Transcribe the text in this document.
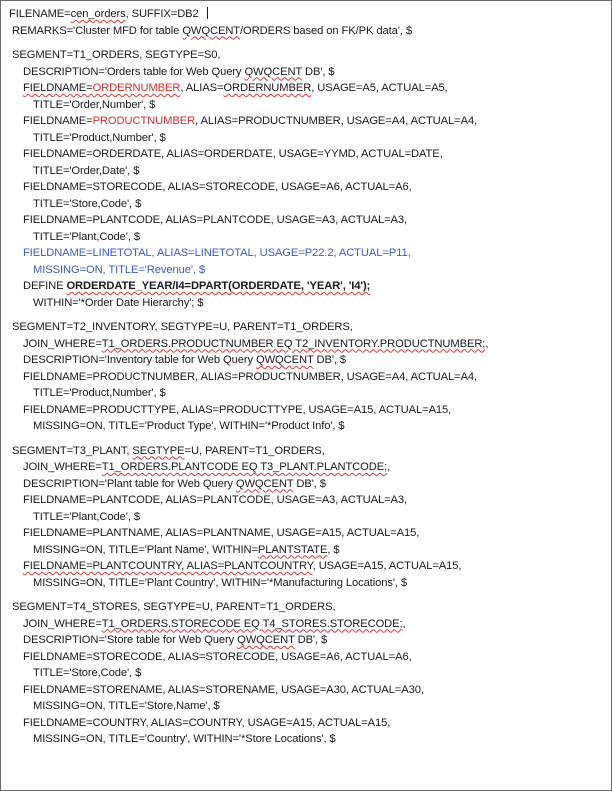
FILENAME=cen_orders, SUFFIX=DB2
REMARKS='Cluster MFD for table QWQCENT/ORDERS based on FK/PK data', $
SEGMENT=T1_ORDERS, SEGTYPE=S0,
DESCRIPTION='Orders table for Web Query QWQCENT DB', $
FIELDNAME=ORDERNUMBER, ALIAS=ORDERNUMBER, USAGE=A5, ACTUAL=A5,
TITLE='Order,Number', $
FIELDNAME=PRODUCTNUMBER, ALIAS=PRODUCTNUMBER, USAGE=A4, ACTUAL=A4,
TITLE='Product,Number', $
FIELDNAME=ORDERDATE, ALIAS=ORDERDATE, USAGE=YYMD, ACTUAL=DATE,
TITLE='Order,Date', $
FIELDNAME=STORECODE, ALIAS=STORECODE, USAGE=A6, ACTUAL=A6,
TITLE='Store,Code', $
FIELDNAME=PLANTCODE, ALIAS=PLANTCODE, USAGE=A3, ACTUAL=A3,
TITLE='Plant,Code', $
FIELDNAME=LINETOTAL, ALIAS=LINETOTAL, USAGE=P22.2, ACTUAL=P11,
MISSING=ON, TITLE='Revenue', $
DEFINE ORDERDATE_YEAR/I4=DPART(ORDERDATE, 'YEAR', 'I4');
WITHIN='*Order Date Hierarchy'; $
SEGMENT=T2_INVENTORY, SEGTYPE=U, PARENT=T1_ORDERS,
JOIN_WHERE=T1_ORDERS.PRODUCTNUMBER EQ T2_INVENTORY.PRODUCTNUMBER;,
DESCRIPTION='Inventory table for Web Query QWQCENT DB', $
FIELDNAME=PRODUCTNUMBER, ALIAS=PRODUCTNUMBER, USAGE=A4, ACTUAL=A4,
TITLE='Product,Number', $
FIELDNAME=PRODUCTTYPE, ALIAS=PRODUCTTYPE, USAGE=A15, ACTUAL=A15,
MISSING=ON, TITLE='Product Type', WITHIN='*Product Info', $
SEGMENT=T3_PLANT, SEGTYPE=U, PARENT=T1_ORDERS,
JOIN_WHERE=T1_ORDERS.PLANTCODE EQ T3_PLANT.PLANTCODE;,
DESCRIPTION='Plant table for Web Query QWQCENT DB', $
FIELDNAME=PLANTCODE, ALIAS=PLANTCODE, USAGE=A3, ACTUAL=A3,
TITLE='Plant,Code', $
FIELDNAME=PLANTNAME, ALIAS=PLANTNAME, USAGE=A15, ACTUAL=A15,
MISSING=ON, TITLE='Plant Name', WITHIN=PLANTSTATE, $
FIELDNAME=PLANTCOUNTRY, ALIAS=PLANTCOUNTRY, USAGE=A15, ACTUAL=A15,
MISSING=ON, TITLE='Plant Country', WITHIN='*Manufacturing Locations', $
SEGMENT=T4_STORES, SEGTYPE=U, PARENT=T1_ORDERS,
JOIN_WHERE=T1_ORDERS.STORECODE EQ T4_STORES.STORECODE;,
DESCRIPTION='Store table for Web Query QWQCENT DB', $
FIELDNAME=STORECODE, ALIAS=STORECODE, USAGE=A6, ACTUAL=A6,
TITLE='Store,Code', $
FIELDNAME=STORENAME, ALIAS=STORENAME, USAGE=A30, ACTUAL=A30,
MISSING=ON, TITLE='Store,Name', $
FIELDNAME=COUNTRY, ALIAS=COUNTRY, USAGE=A15, ACTUAL=A15,
MISSING=ON, TITLE='Country', WITHIN='*Store Locations', $
